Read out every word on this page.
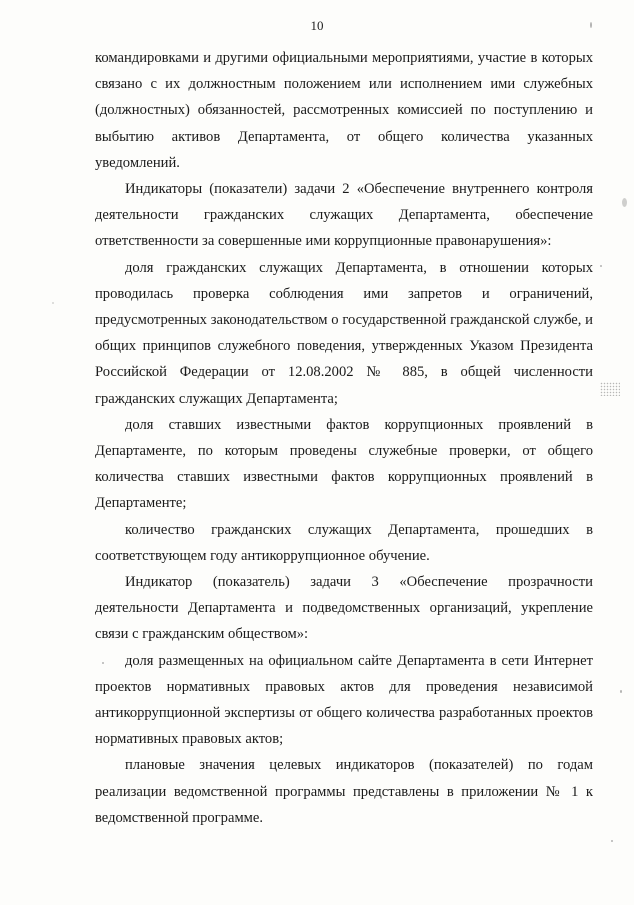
10

командировками и другими официальными мероприятиями, участие в которых связано с их должностным положением или исполнением ими служебных (должностных) обязанностей, рассмотренных комиссией по поступлению и выбытию активов Департамента, от общего количества указанных уведомлений.

Индикаторы (показатели) задачи 2 «Обеспечение внутреннего контроля деятельности гражданских служащих Департамента, обеспечение ответственности за совершенные ими коррупционные правонарушения»:

доля гражданских служащих Департамента, в отношении которых проводилась проверка соблюдения ими запретов и ограничений, предусмотренных законодательством о государственной гражданской службе, и общих принципов служебного поведения, утвержденных Указом Президента Российской Федерации от 12.08.2002 № 885, в общей численности гражданских служащих Департамента;

доля ставших известными фактов коррупционных проявлений в Департаменте, по которым проведены служебные проверки, от общего количества ставших известными фактов коррупционных проявлений в Департаменте;

количество гражданских служащих Департамента, прошедших в соответствующем году антикоррупционное обучение.

Индикатор (показатель) задачи 3 «Обеспечение прозрачности деятельности Департамента и подведомственных организаций, укрепление связи с гражданским обществом»:

доля размещенных на официальном сайте Департамента в сети Интернет проектов нормативных правовых актов для проведения независимой антикоррупционной экспертизы от общего количества разработанных проектов нормативных правовых актов;

плановые значения целевых индикаторов (показателей) по годам реализации ведомственной программы представлены в приложении № 1 к ведомственной программе.
